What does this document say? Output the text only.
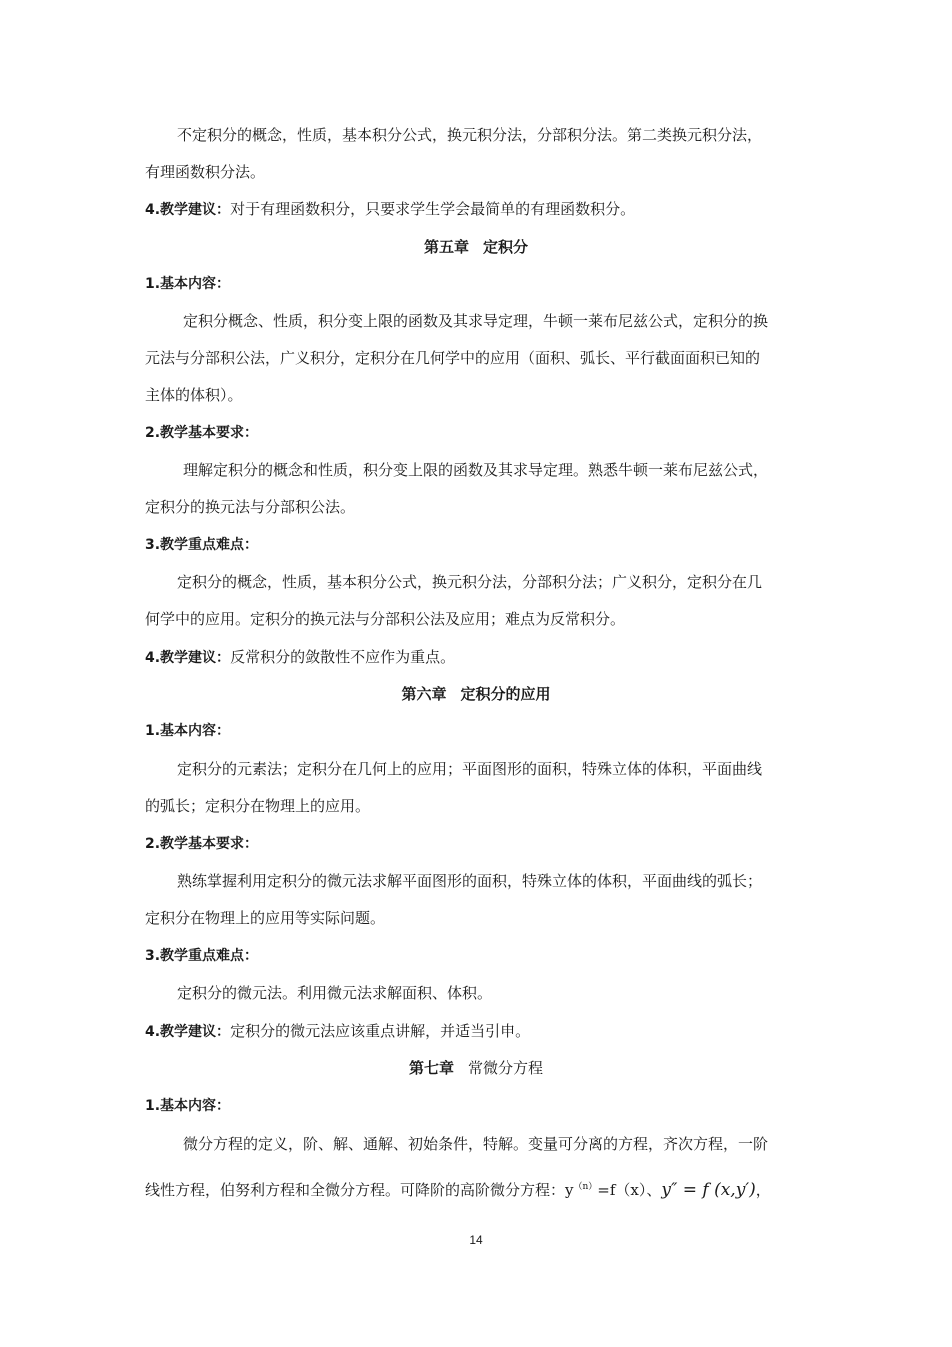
不定积分的概念，性质，基本积分公式，换元积分法，分部积分法。第二类换元积分法，
有理函数积分法。
4.教学建议：对于有理函数积分，只要求学生学会最简单的有理函数积分。
第五章 定积分
1.基本内容：
定积分概念、性质，积分变上限的函数及其求导定理，牛顿一莱布尼兹公式，定积分的换
元法与分部积公法，广义积分，定积分在几何学中的应用（面积、弧长、平行截面面积已知的
主体的体积）。
2.教学基本要求：
理解定积分的概念和性质，积分变上限的函数及其求导定理。熟悉牛顿一莱布尼兹公式，
定积分的换元法与分部积公法。
3.教学重点难点：
定积分的概念，性质，基本积分公式，换元积分法，分部积分法；广义积分，定积分在几
何学中的应用。定积分的换元法与分部积公法及应用；难点为反常积分。
4.教学建议：反常积分的敛散性不应作为重点。
第六章 定积分的应用
1.基本内容：
定积分的元素法；定积分在几何上的应用；平面图形的面积，特殊立体的体积，平面曲线
的弧长；定积分在物理上的应用。
2.教学基本要求：
熟练掌握利用定积分的微元法求解平面图形的面积，特殊立体的体积，平面曲线的弧长；
定积分在物理上的应用等实际问题。
3.教学重点难点：
定积分的微元法。利用微元法求解面积、体积。
4.教学建议：定积分的微元法应该重点讲解，并适当引申。
第七章 常微分方程
1.基本内容：
微分方程的定义，阶、解、通解、初始条件，特解。变量可分离的方程，齐次方程，一阶
线性方程，伯努利方程和全微分方程。可降阶的高阶微分方程：$y^{(n)}=f(x)$、y″ = f (x,y′)，
14
